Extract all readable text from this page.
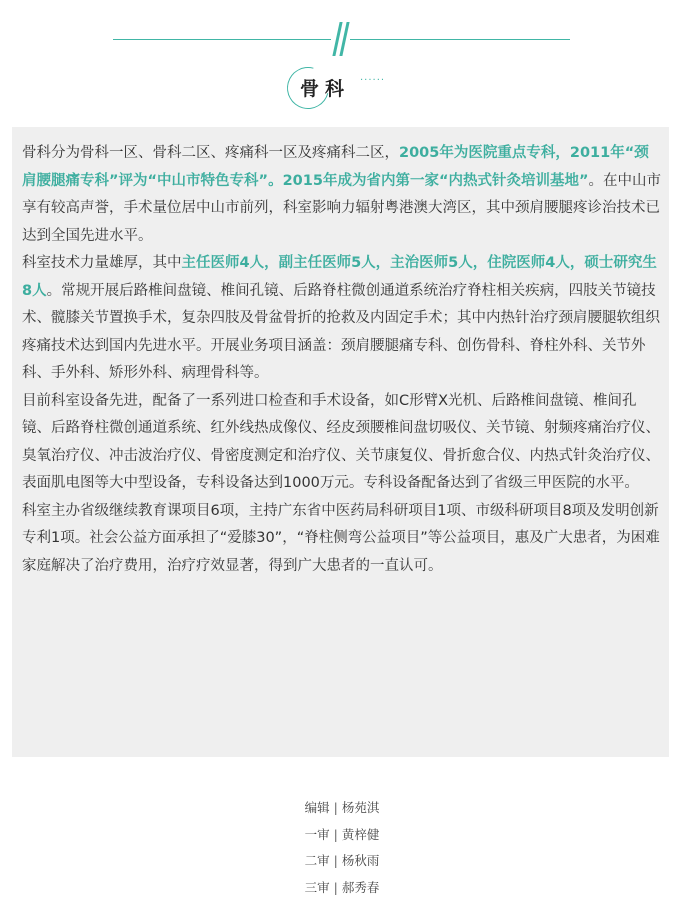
骨科
......

骨科分为骨科一区、骨科二区、疼痛科一区及疼痛科二区，2005年为医院重点专科，2011年“颈肩腰腿痛专科”评为“中山市特色专科”。2015年成为省内第一家“内热式针灸培训基地”。在中山市享有较高声誉，手术量位居中山市前列，科室影响力辐射粤港澳大湾区，其中颈肩腰腿疼诊治技术已达到全国先进水平。

科室技术力量雄厚，其中主任医师4人，副主任医师5人，主治医师5人，住院医师4人，硕士研究生8人。常规开展后路椎间盘镜、椎间孔镜、后路脊柱微创通道系统治疗脊柱相关疾病，四肢关节镜技术、髋膝关节置换手术，复杂四肢及骨盆骨折的抢救及内固定手术；其中内热针治疗颈肩腰腿软组织疼痛技术达到国内先进水平。开展业务项目涵盖：颈肩腰腿痛专科、创伤骨科、脊柱外科、关节外科、手外科、矫形外科、病理骨科等。

目前科室设备先进，配备了一系列进口检查和手术设备，如C形臂X光机、后路椎间盘镜、椎间孔镜、后路脊柱微创通道系统、红外线热成像仪、经皮颈腰椎间盘切吸仪、关节镜、射频疼痛治疗仪、臭氧治疗仪、冲击波治疗仪、骨密度测定和治疗仪、关节康复仪、骨折愈合仪、内热式针灸治疗仪、表面肌电图等大中型设备，专科设备达到1000万元。专科设备配备达到了省级三甲医院的水平。

科室主办省级继续教育课项目6项，主持广东省中医药局科研项目1项、市级科研项目8项及发明创新专利1项。社会公益方面承担了“爱膝30”，“脊柱侧弯公益项目”等公益项目，惠及广大患者，为困难家庭解决了治疗费用，治疗疗效显著，得到广大患者的一直认可。

编辑 | 杨苑淇
一审 | 黄梓健
二审 | 杨秋雨
三审 | 郝秀春
